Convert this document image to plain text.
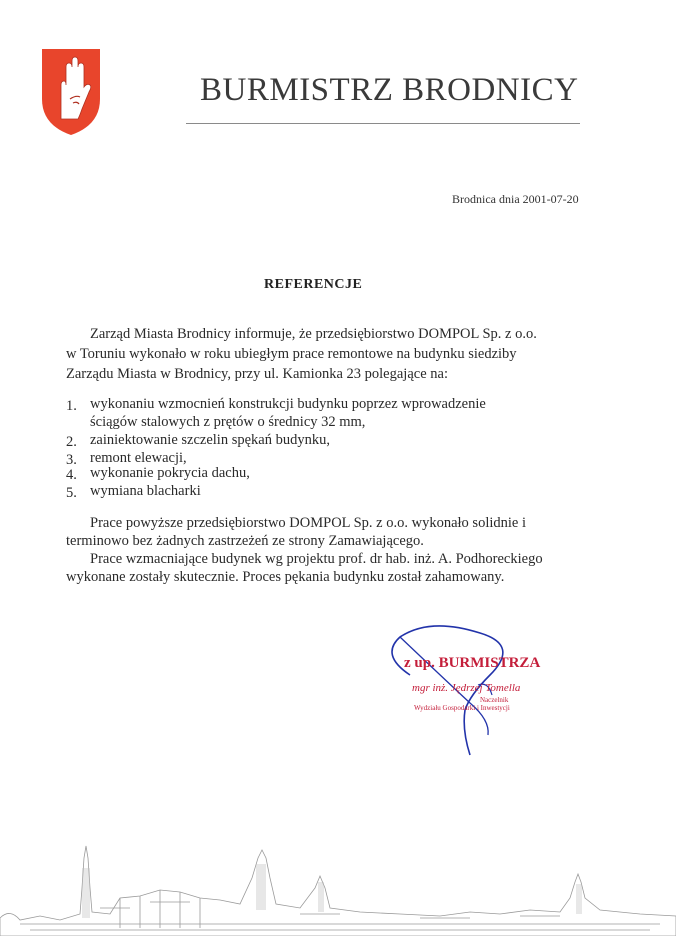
BURMISTRZ BRODNICY
Brodnica dnia 2001-07-20
REFERENCJE
Zarząd Miasta Brodnicy informuje, że przedsiębiorstwo DOMPOL Sp. z o.o.
w Toruniu wykonało w roku ubiegłym prace remontowe na budynku siedziby
Zarządu Miasta w Brodnicy, przy ul. Kamionka 23 polegające na:
1. wykonaniu wzmocnień konstrukcji budynku poprzez wprowadzenie
ściągów stalowych z prętów o średnicy 32 mm,
2. zainiektowanie szczelin spękań budynku,
3. remont elewacji,
4. wykonanie pokrycia dachu,
5. wymiana blacharki
Prace powyższe przedsiębiorstwo DOMPOL Sp. z o.o. wykonało solidnie i
terminowo bez żadnych zastrzeżeń ze strony Zamawiającego.
Prace wzmacniające budynek wg projektu prof. dr hab. inż. A. Podhoreckiego
wykonane zostały skutecznie. Proces pękania budynku został zahamowany.
z up. BURMISTRZA
mgr inż. Jędrzej Tomella
Naczelnik
Wydziału Gospodarki i Inwestycji
